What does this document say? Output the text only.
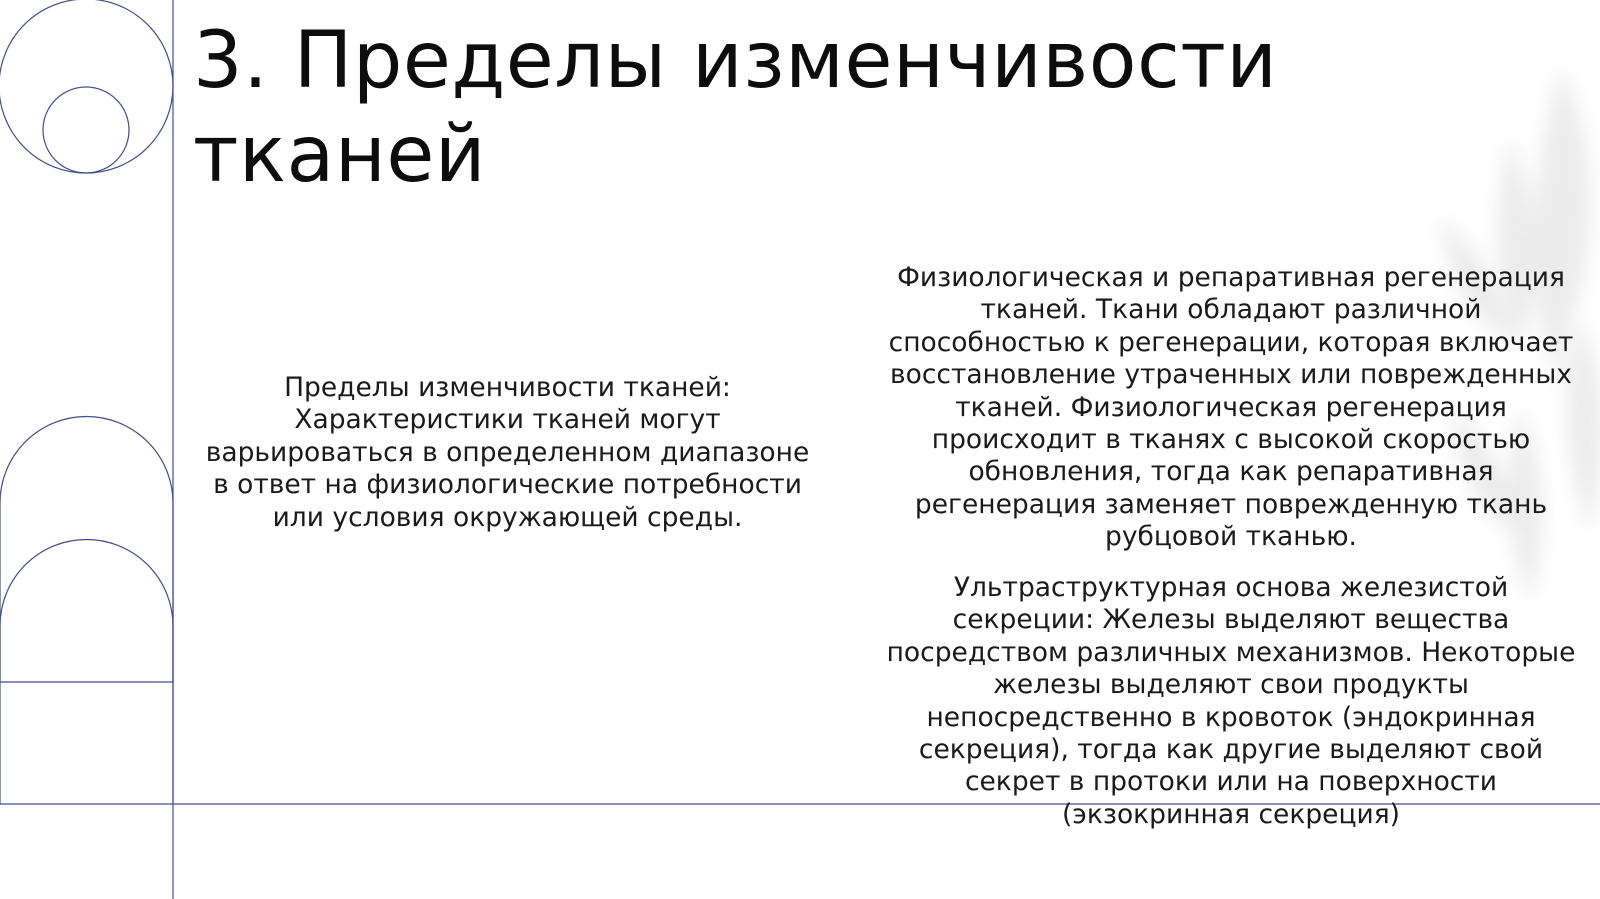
3. Пределы изменчивости
тканей

Пределы изменчивости тканей: Характеристики тканей могут варьироваться в определенном диапазоне в ответ на физиологические потребности или условия окружающей среды.

Физиологическая и репаративная регенерация тканей. Ткани обладают различной способностью к регенерации, которая включает восстановление утраченных или поврежденных тканей. Физиологическая регенерация происходит в тканях с высокой скоростью обновления, тогда как репаративная регенерация заменяет поврежденную ткань рубцовой тканью.

Ультраструктурная основа железистой секреции: Железы выделяют вещества посредством различных механизмов. Некоторые железы выделяют свои продукты непосредственно в кровоток (эндокринная секреция), тогда как другие выделяют свой секрет в протоки или на поверхности (экзокринная секреция)
